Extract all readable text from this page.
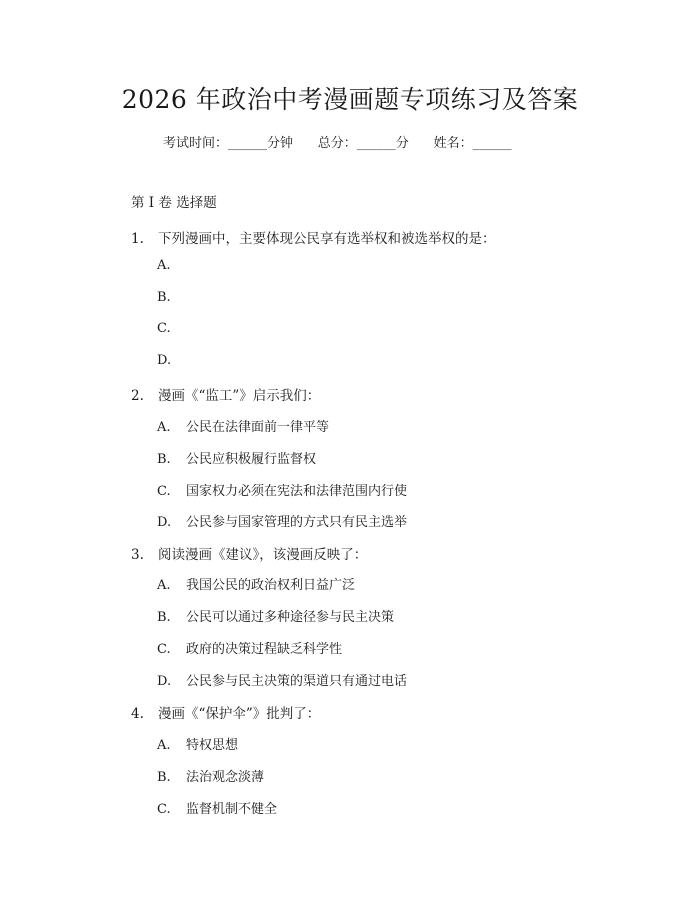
2026 年政治中考漫画题专项练习及答案
考试时间：______分钟      总分：______分      姓名：______
第 I 卷 选择题
1. 下列漫画中，主要体现公民享有选举权和被选举权的是：
A.
B.
C.
D.
2. 漫画《“监工”》启示我们：
A. 公民在法律面前一律平等
B. 公民应积极履行监督权
C. 国家权力必须在宪法和法律范围内行使
D. 公民参与国家管理的方式只有民主选举
3. 阅读漫画《建议》，该漫画反映了：
A. 我国公民的政治权利日益广泛
B. 公民可以通过多种途径参与民主决策
C. 政府的决策过程缺乏科学性
D. 公民参与民主决策的渠道只有通过电话
4. 漫画《“保护伞”》批判了：
A. 特权思想
B. 法治观念淡薄
C. 监督机制不健全
